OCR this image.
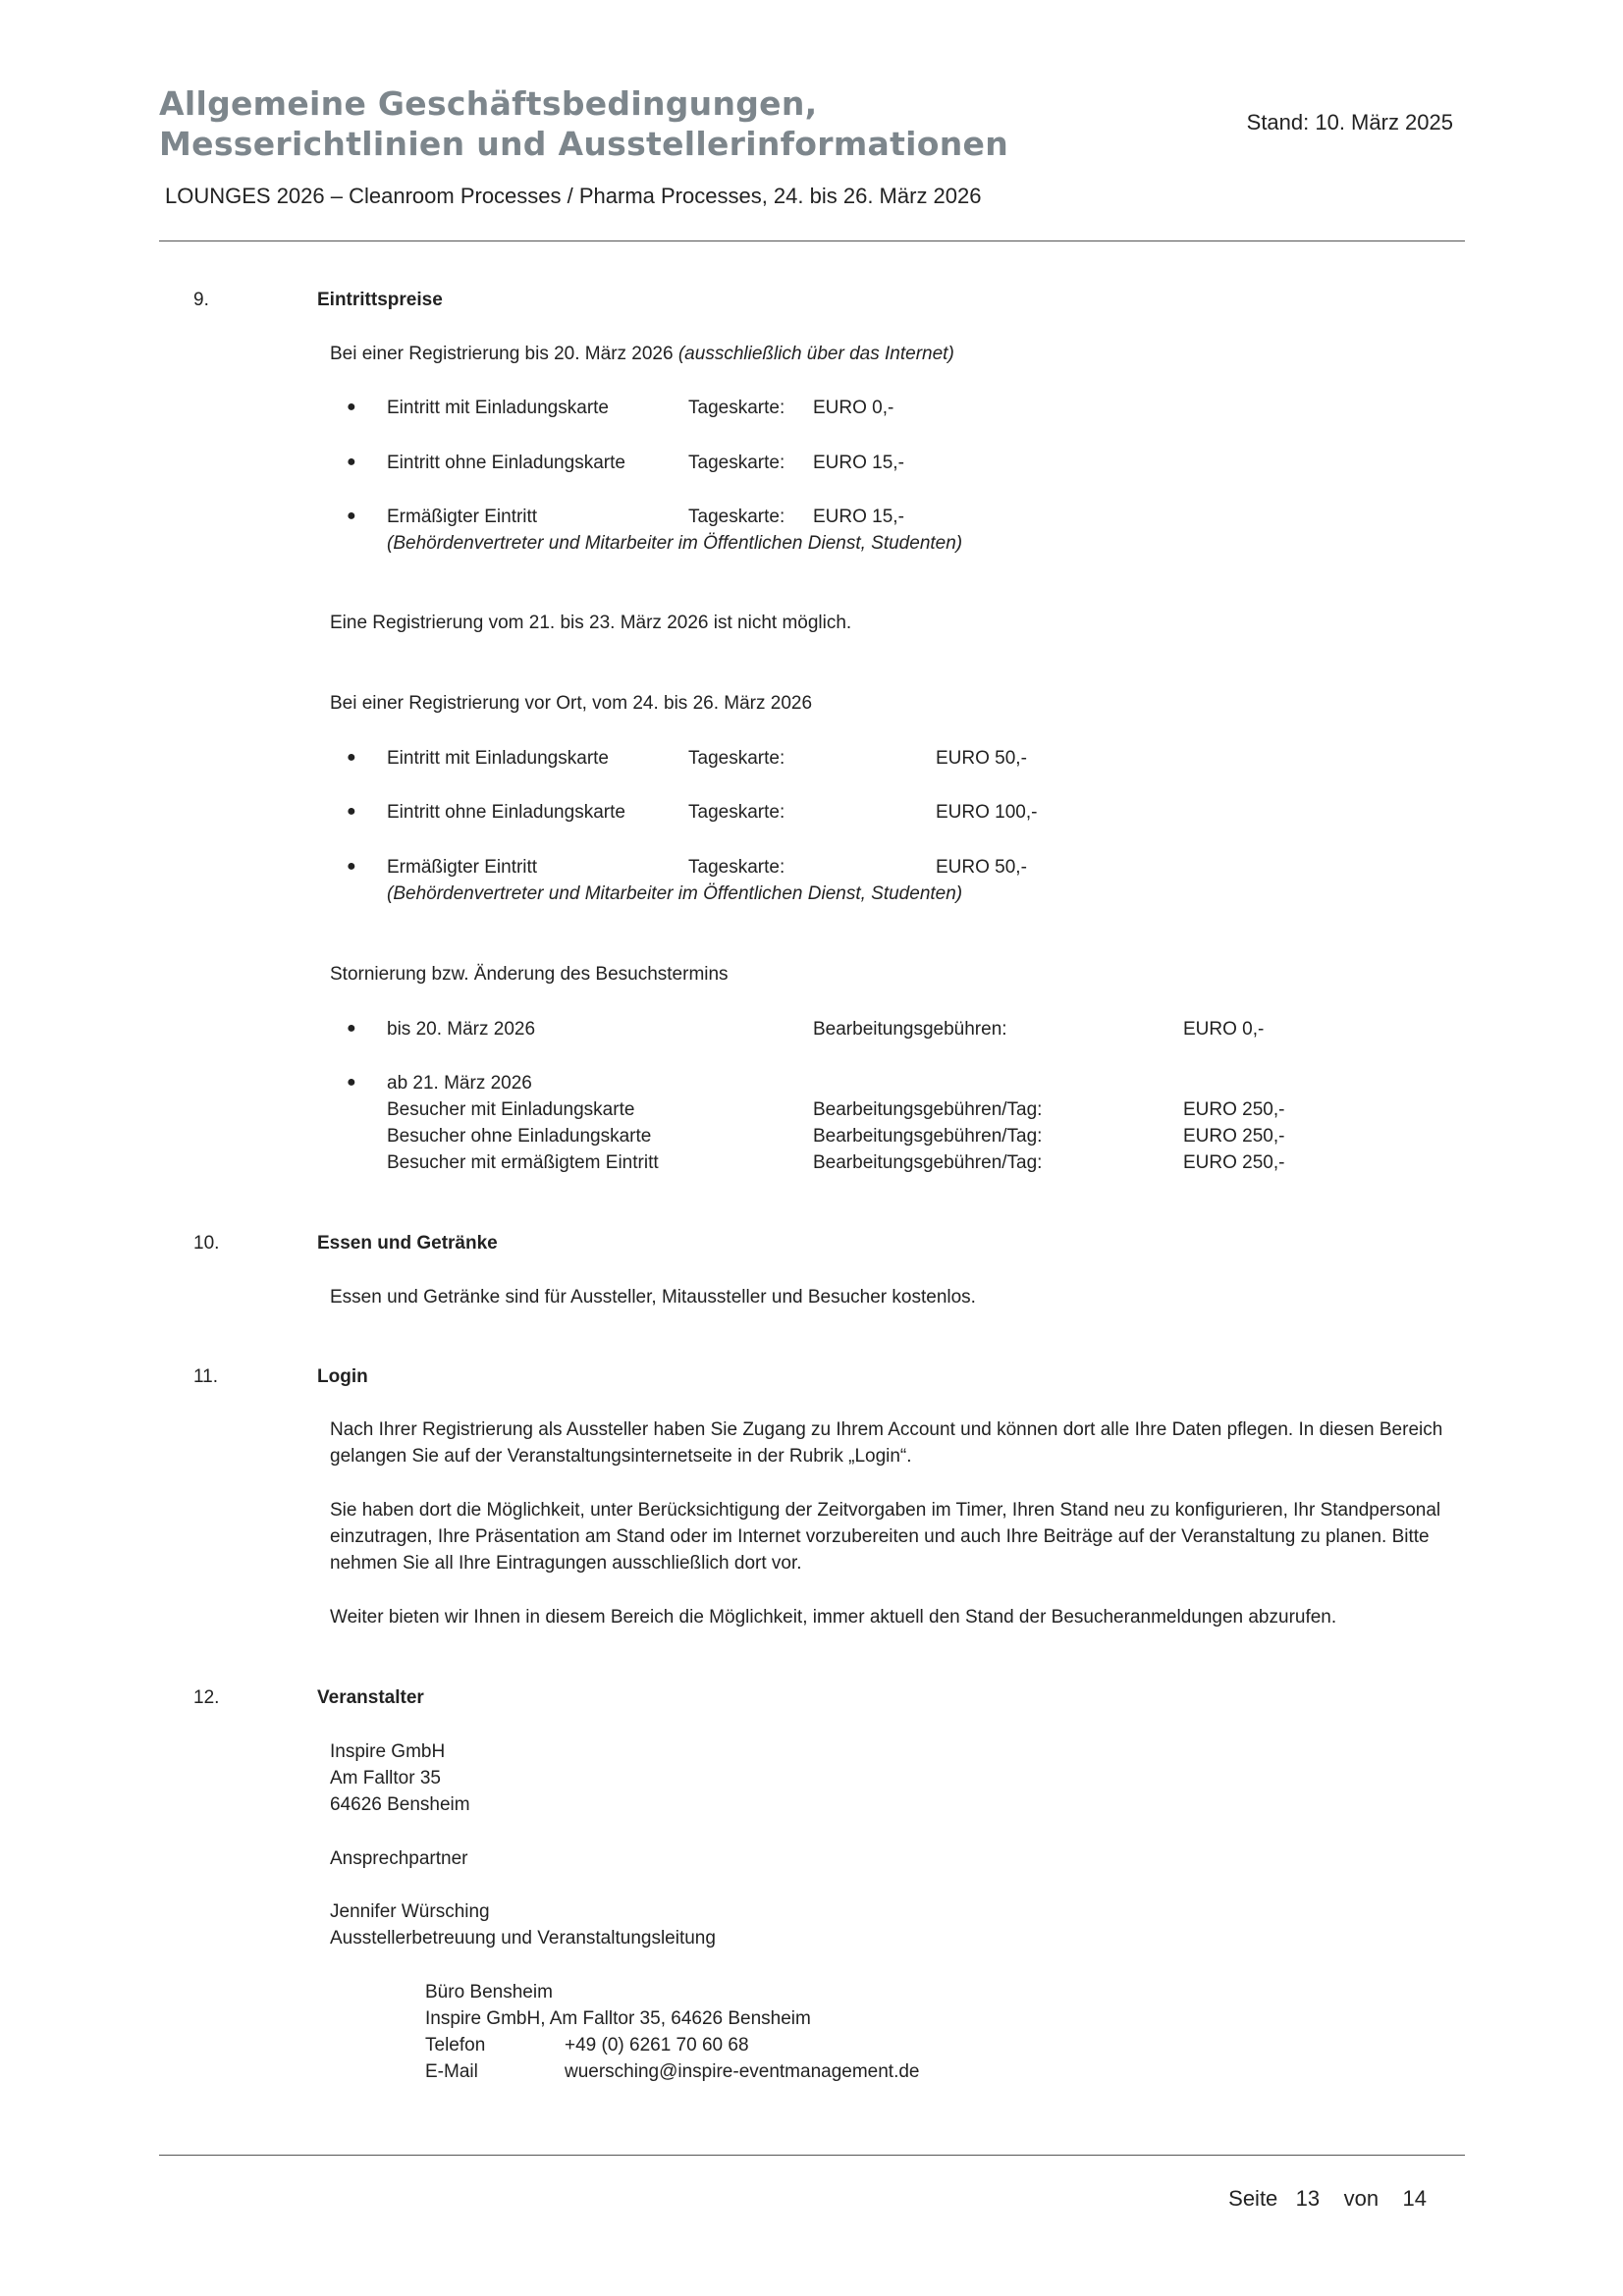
Allgemeine Geschäftsbedingungen,
Messerichtlinien und Ausstellerinformationen
Stand: 10. März 2025
LOUNGES 2026 – Cleanroom Processes / Pharma Processes, 24. bis 26. März 2026
9.	Eintrittspreise
Bei einer Registrierung bis 20. März 2026 (ausschließlich über das Internet)
● Eintritt mit Einladungskarte	Tageskarte: EURO 0,-
● Eintritt ohne Einladungskarte	Tageskarte: EURO 15,-
● Ermäßigter Eintritt	Tageskarte: EURO 15,-
(Behördenvertreter und Mitarbeiter im Öffentlichen Dienst, Studenten)
Eine Registrierung vom 21. bis 23. März 2026 ist nicht möglich.
Bei einer Registrierung vor Ort, vom 24. bis 26. März 2026
● Eintritt mit Einladungskarte	Tageskarte:	EURO 50,-
● Eintritt ohne Einladungskarte	Tageskarte:	EURO 100,-
● Ermäßigter Eintritt	Tageskarte:	EURO 50,-
(Behördenvertreter und Mitarbeiter im Öffentlichen Dienst, Studenten)
Stornierung bzw. Änderung des Besuchstermins
● bis 20. März 2026	Bearbeitungsgebühren:	EURO 0,-
● ab 21. März 2026
Besucher mit Einladungskarte	Bearbeitungsgebühren/Tag:	EURO 250,-
Besucher ohne Einladungskarte	Bearbeitungsgebühren/Tag:	EURO 250,-
Besucher mit ermäßigtem Eintritt	Bearbeitungsgebühren/Tag:	EURO 250,-
10.	Essen und Getränke
Essen und Getränke sind für Aussteller, Mitaussteller und Besucher kostenlos.
11.	Login
Nach Ihrer Registrierung als Aussteller haben Sie Zugang zu Ihrem Account und können dort alle Ihre Daten pflegen. In diesen Bereich gelangen Sie auf der Veranstaltungsinternetseite in der Rubrik „Login“.
Sie haben dort die Möglichkeit, unter Berücksichtigung der Zeitvorgaben im Timer, Ihren Stand neu zu konfigurieren, Ihr Standpersonal einzutragen, Ihre Präsentation am Stand oder im Internet vorzubereiten und auch Ihre Beiträge auf der Veranstaltung zu planen. Bitte nehmen Sie all Ihre Eintragungen ausschließlich dort vor.
Weiter bieten wir Ihnen in diesem Bereich die Möglichkeit, immer aktuell den Stand der Besucheranmeldungen abzurufen.
12.	Veranstalter
Inspire GmbH
Am Falltor 35
64626 Bensheim
Ansprechpartner
Jennifer Würsching
Ausstellerbetreuung und Veranstaltungsleitung
Büro Bensheim
Inspire GmbH, Am Falltor 35, 64626 Bensheim
Telefon	+49 (0) 6261 70 60 68
E-Mail	wuersching@inspire-eventmanagement.de
Seite 13 von 14
